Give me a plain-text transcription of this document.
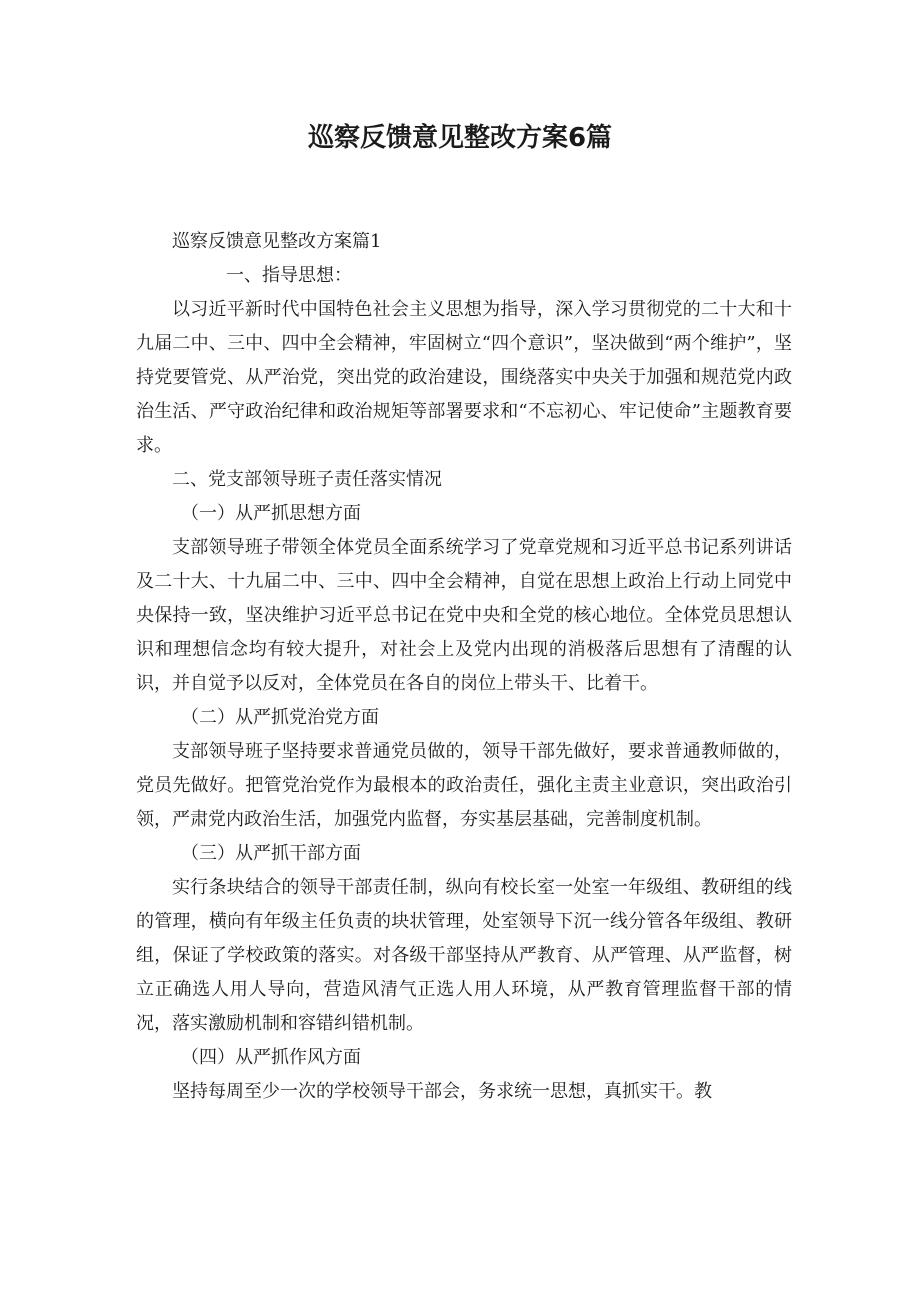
巡察反馈意见整改方案6篇

巡察反馈意见整改方案篇1

一、指导思想：

以习近平新时代中国特色社会主义思想为指导，深入学习贯彻党的二十大和十九届二中、三中、四中全会精神，牢固树立“四个意识”，坚决做到“两个维护”，坚持党要管党、从严治党，突出党的政治建设，围绕落实中央关于加强和规范党内政治生活、严守政治纪律和政治规矩等部署要求和“不忘初心、牢记使命”主题教育要求。

二、党支部领导班子责任落实情况

（一）从严抓思想方面

支部领导班子带领全体党员全面系统学习了党章党规和习近平总书记系列讲话及二十大、十九届二中、三中、四中全会精神，自觉在思想上政治上行动上同党中央保持一致，坚决维护习近平总书记在党中央和全党的核心地位。全体党员思想认识和理想信念均有较大提升，对社会上及党内出现的消极落后思想有了清醒的认识，并自觉予以反对，全体党员在各自的岗位上带头干、比着干。

（二）从严抓党治党方面

支部领导班子坚持要求普通党员做的，领导干部先做好，要求普通教师做的，党员先做好。把管党治党作为最根本的政治责任，强化主责主业意识，突出政治引领，严肃党内政治生活，加强党内监督，夯实基层基础，完善制度机制。

（三）从严抓干部方面

实行条块结合的领导干部责任制，纵向有校长室一处室一年级组、教研组的线的管理，横向有年级主任负责的块状管理，处室领导下沉一线分管各年级组、教研组，保证了学校政策的落实。对各级干部坚持从严教育、从严管理、从严监督，树立正确选人用人导向，营造风清气正选人用人环境，从严教育管理监督干部的情况，落实激励机制和容错纠错机制。

（四）从严抓作风方面

坚持每周至少一次的学校领导干部会，务求统一思想，真抓实干。教
